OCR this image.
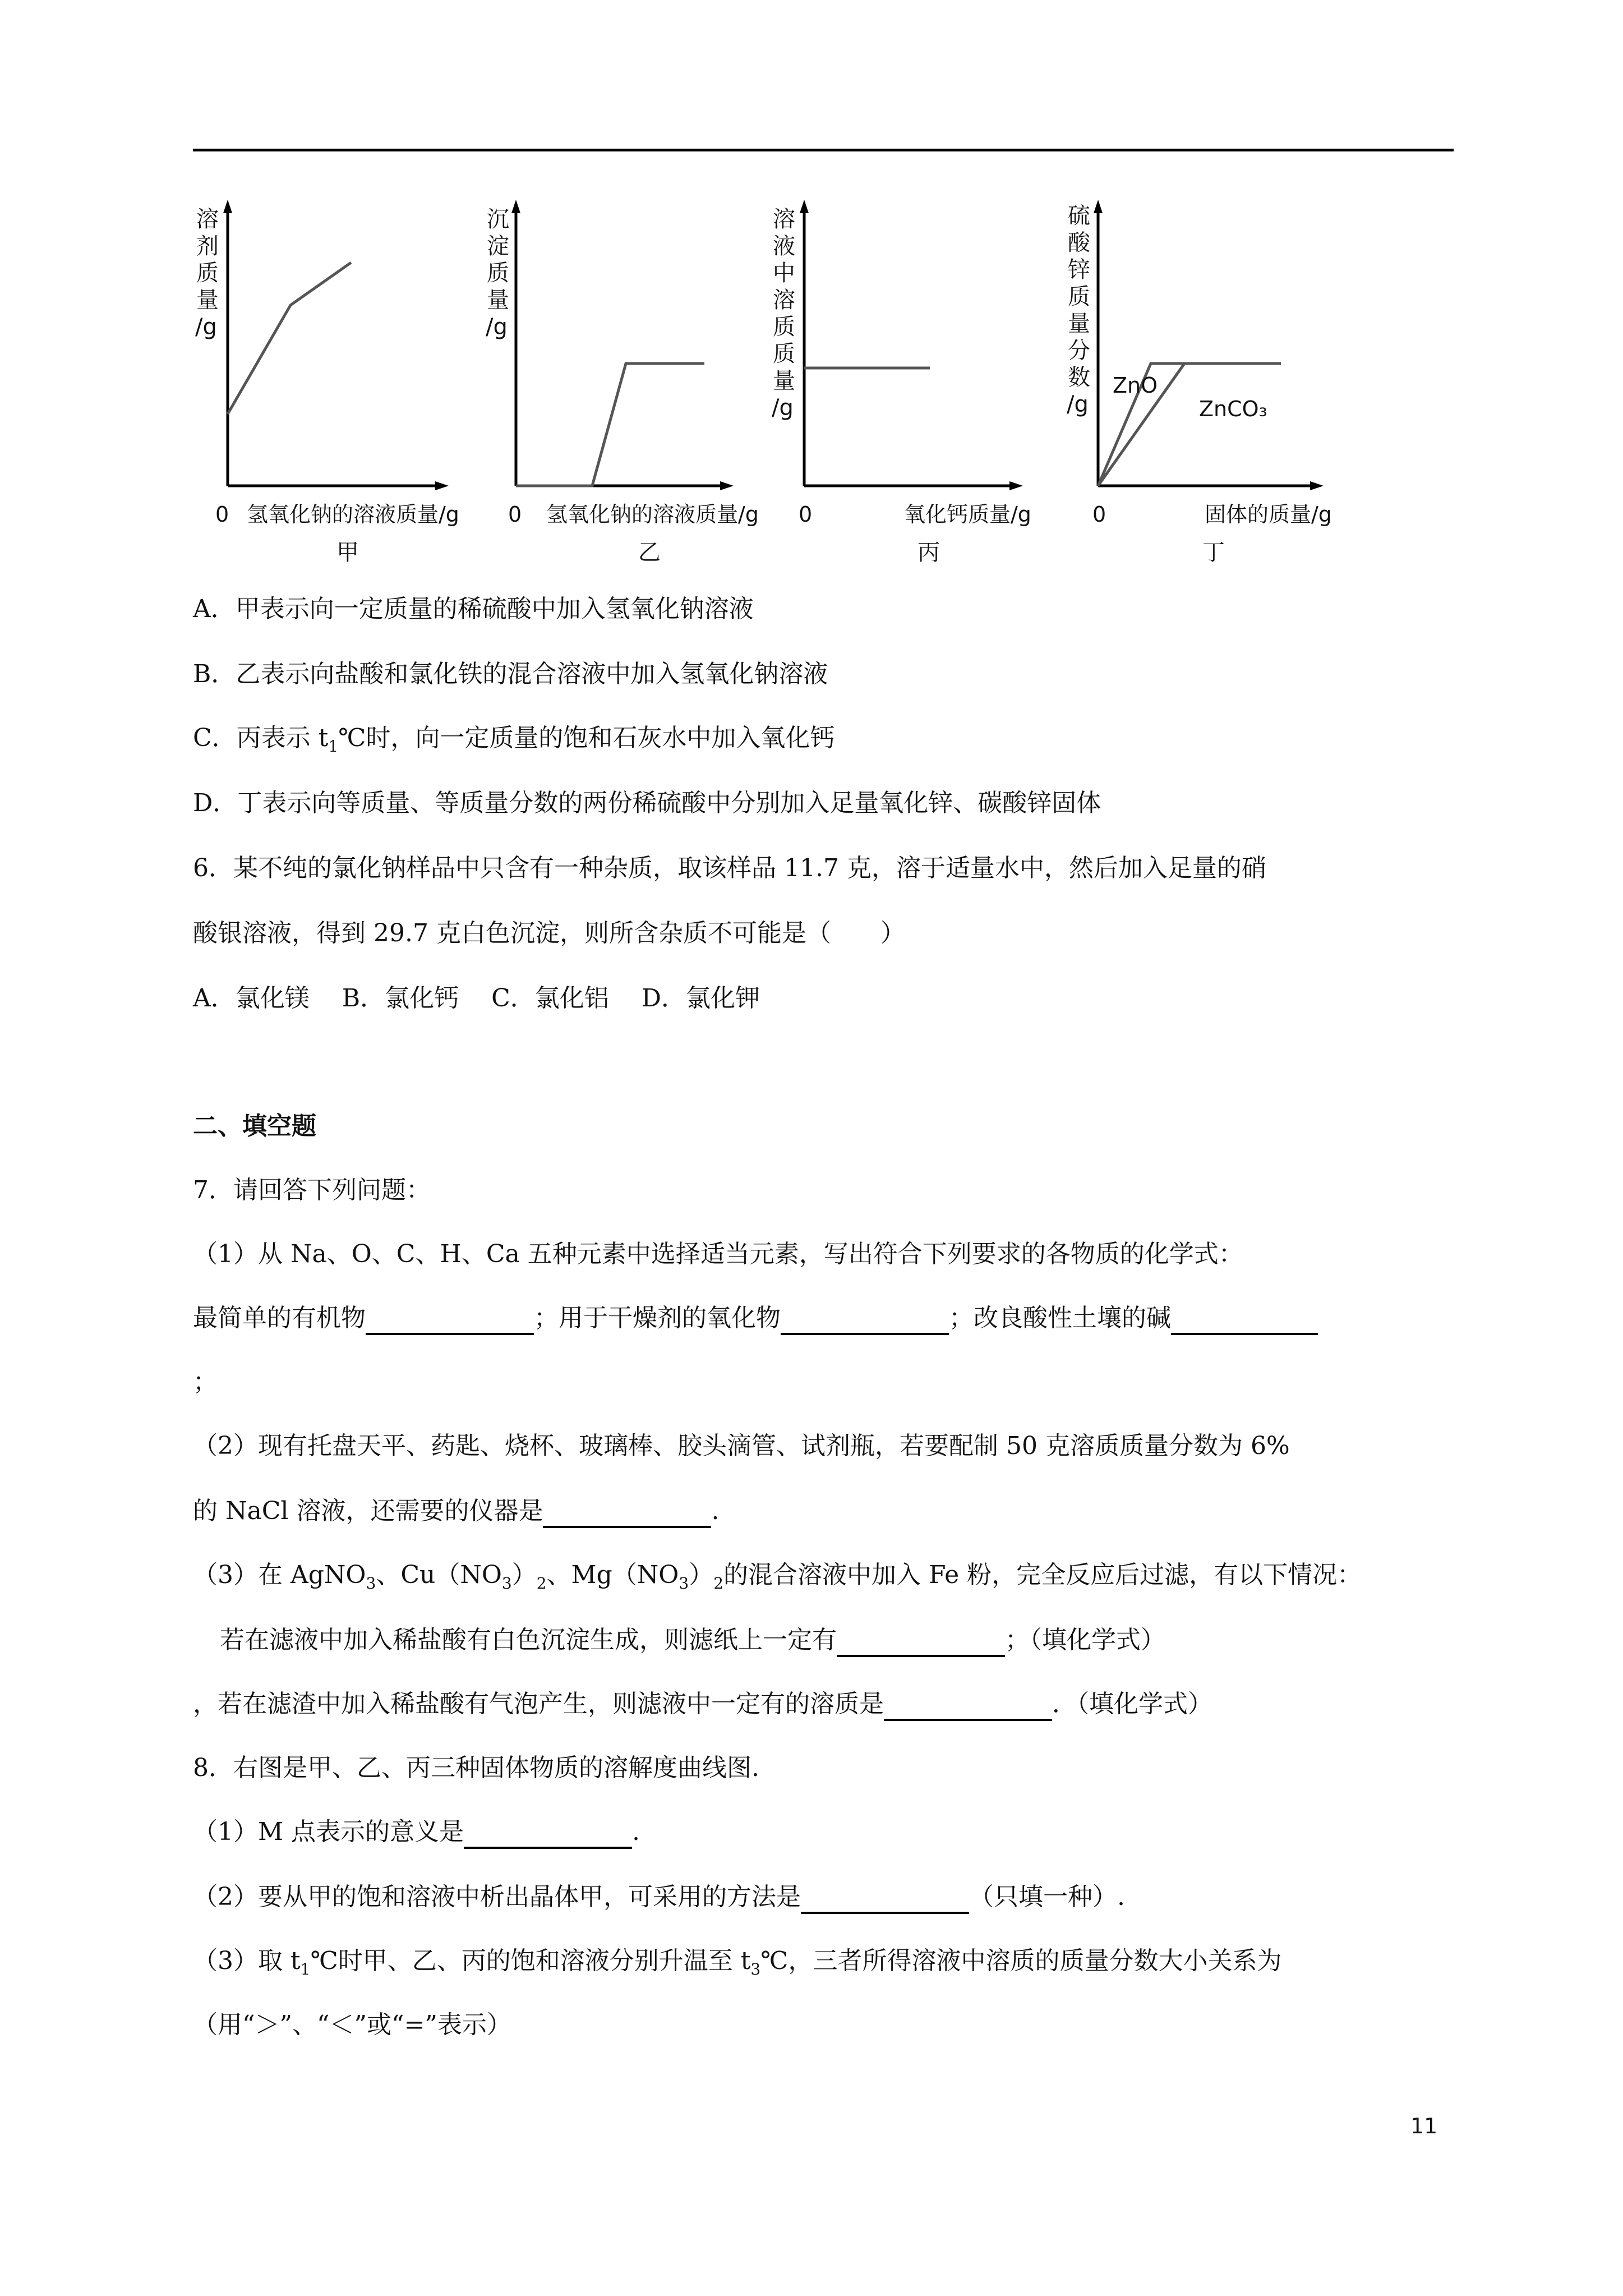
溶
剂
质
量
/g
0 氢氧化钠的溶液质量/g
甲
沉
淀
质
量
/g
0 氢氧化钠的溶液质量/g
乙
溶
液
中
溶
质
质
量
/g
0	氧化钙质量/g
丙
硫
酸
锌
质
量
分
数
/g
ZnO
ZnCO₃
0	固体的质量/g
丁
A．甲表示向一定质量的稀硫酸中加入氢氧化钠溶液
B．乙表示向盐酸和氯化铁的混合溶液中加入氢氧化钠溶液
C．丙表示 $t_1℃$时，向一定质量的饱和石灰水中加入氧化钙
D．丁表示向等质量、等质量分数的两份稀硫酸中分别加入足量氧化锌、碳酸锌固体
6．某不纯的氯化钠样品中只含有一种杂质，取该样品 11.7 克，溶于适量水中，然后加入足量的硝
酸银溶液，得到 29.7 克白色沉淀，则所含杂质不可能是（　　）
A．氯化镁　 B．氯化钙　 C．氯化铝　 D．氯化钾
二、填空题
7．请回答下列问题：
（1）从 Na、O、C、H、Ca 五种元素中选择适当元素，写出符合下列要求的各物质的化学式：
最简单的有机物	；用于干燥剂的氧化物	；改良酸性土壤的碱
；
（2）现有托盘天平、药匙、烧杯、玻璃棒、胶头滴管、试剂瓶，若要配制 50 克溶质质量分数为 6%
的 NaCl 溶液，还需要的仪器是	.
（3）在 AgNO$_3$、$Cu(NO_3)_2$、$Mg(NO_3)_2$的混合溶液中加入 Fe 粉，完全反应后过滤，有以下情况：
若在滤液中加入稀盐酸有白色沉淀生成，则滤纸上一定有	；（填化学式）
，若在滤渣中加入稀盐酸有气泡产生，则滤液中一定有的溶质是	．（填化学式）
8．右图是甲、乙、丙三种固体物质的溶解度曲线图.
（1）M 点表示的意义是	.
（2）要从甲的饱和溶液中析出晶体甲，可采用的方法是	（只填一种）.
（3）取 $t_1℃$时甲、乙、丙的饱和溶液分别升温至 $t_3℃$，三者所得溶液中溶质的质量分数大小关系为
（用“＞”、“＜”或“=”表示）
11
